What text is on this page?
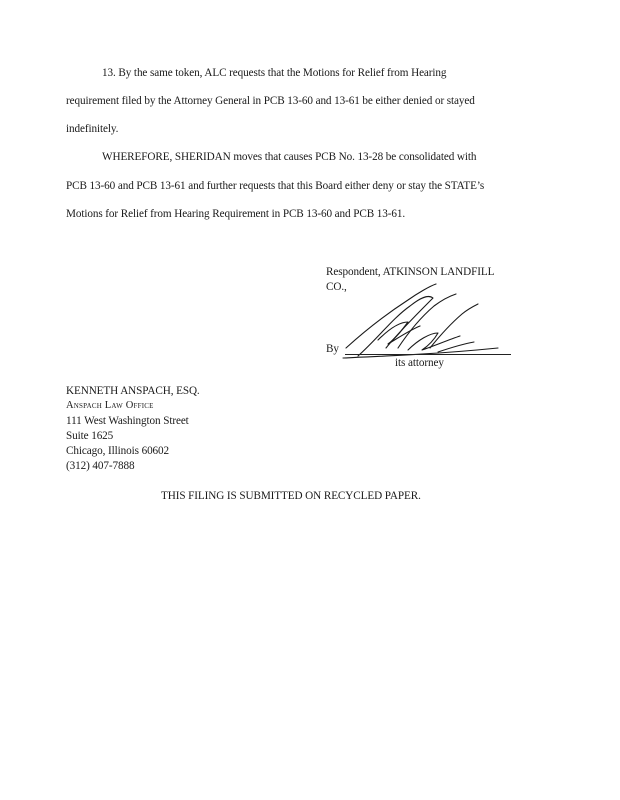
13. By the same token, ALC requests that the Motions for Relief from Hearing
requirement filed by the Attorney General in PCB 13-60 and 13-61 be either denied or stayed
indefinitely.
WHEREFORE, SHERIDAN moves that causes PCB No. 13-28 be consolidated with
PCB 13-60 and PCB 13-61 and further requests that this Board either deny or stay the STATE’s
Motions for Relief from Hearing Requirement in PCB 13-60 and PCB 13-61.
Respondent, ATKINSON LANDFILL
CO.,
By
its attorney
KENNETH ANSPACH, ESQ.
Anspach Law Office
111 West Washington Street
Suite 1625
Chicago, Illinois 60602
(312) 407-7888
THIS FILING IS SUBMITTED ON RECYCLED PAPER.
